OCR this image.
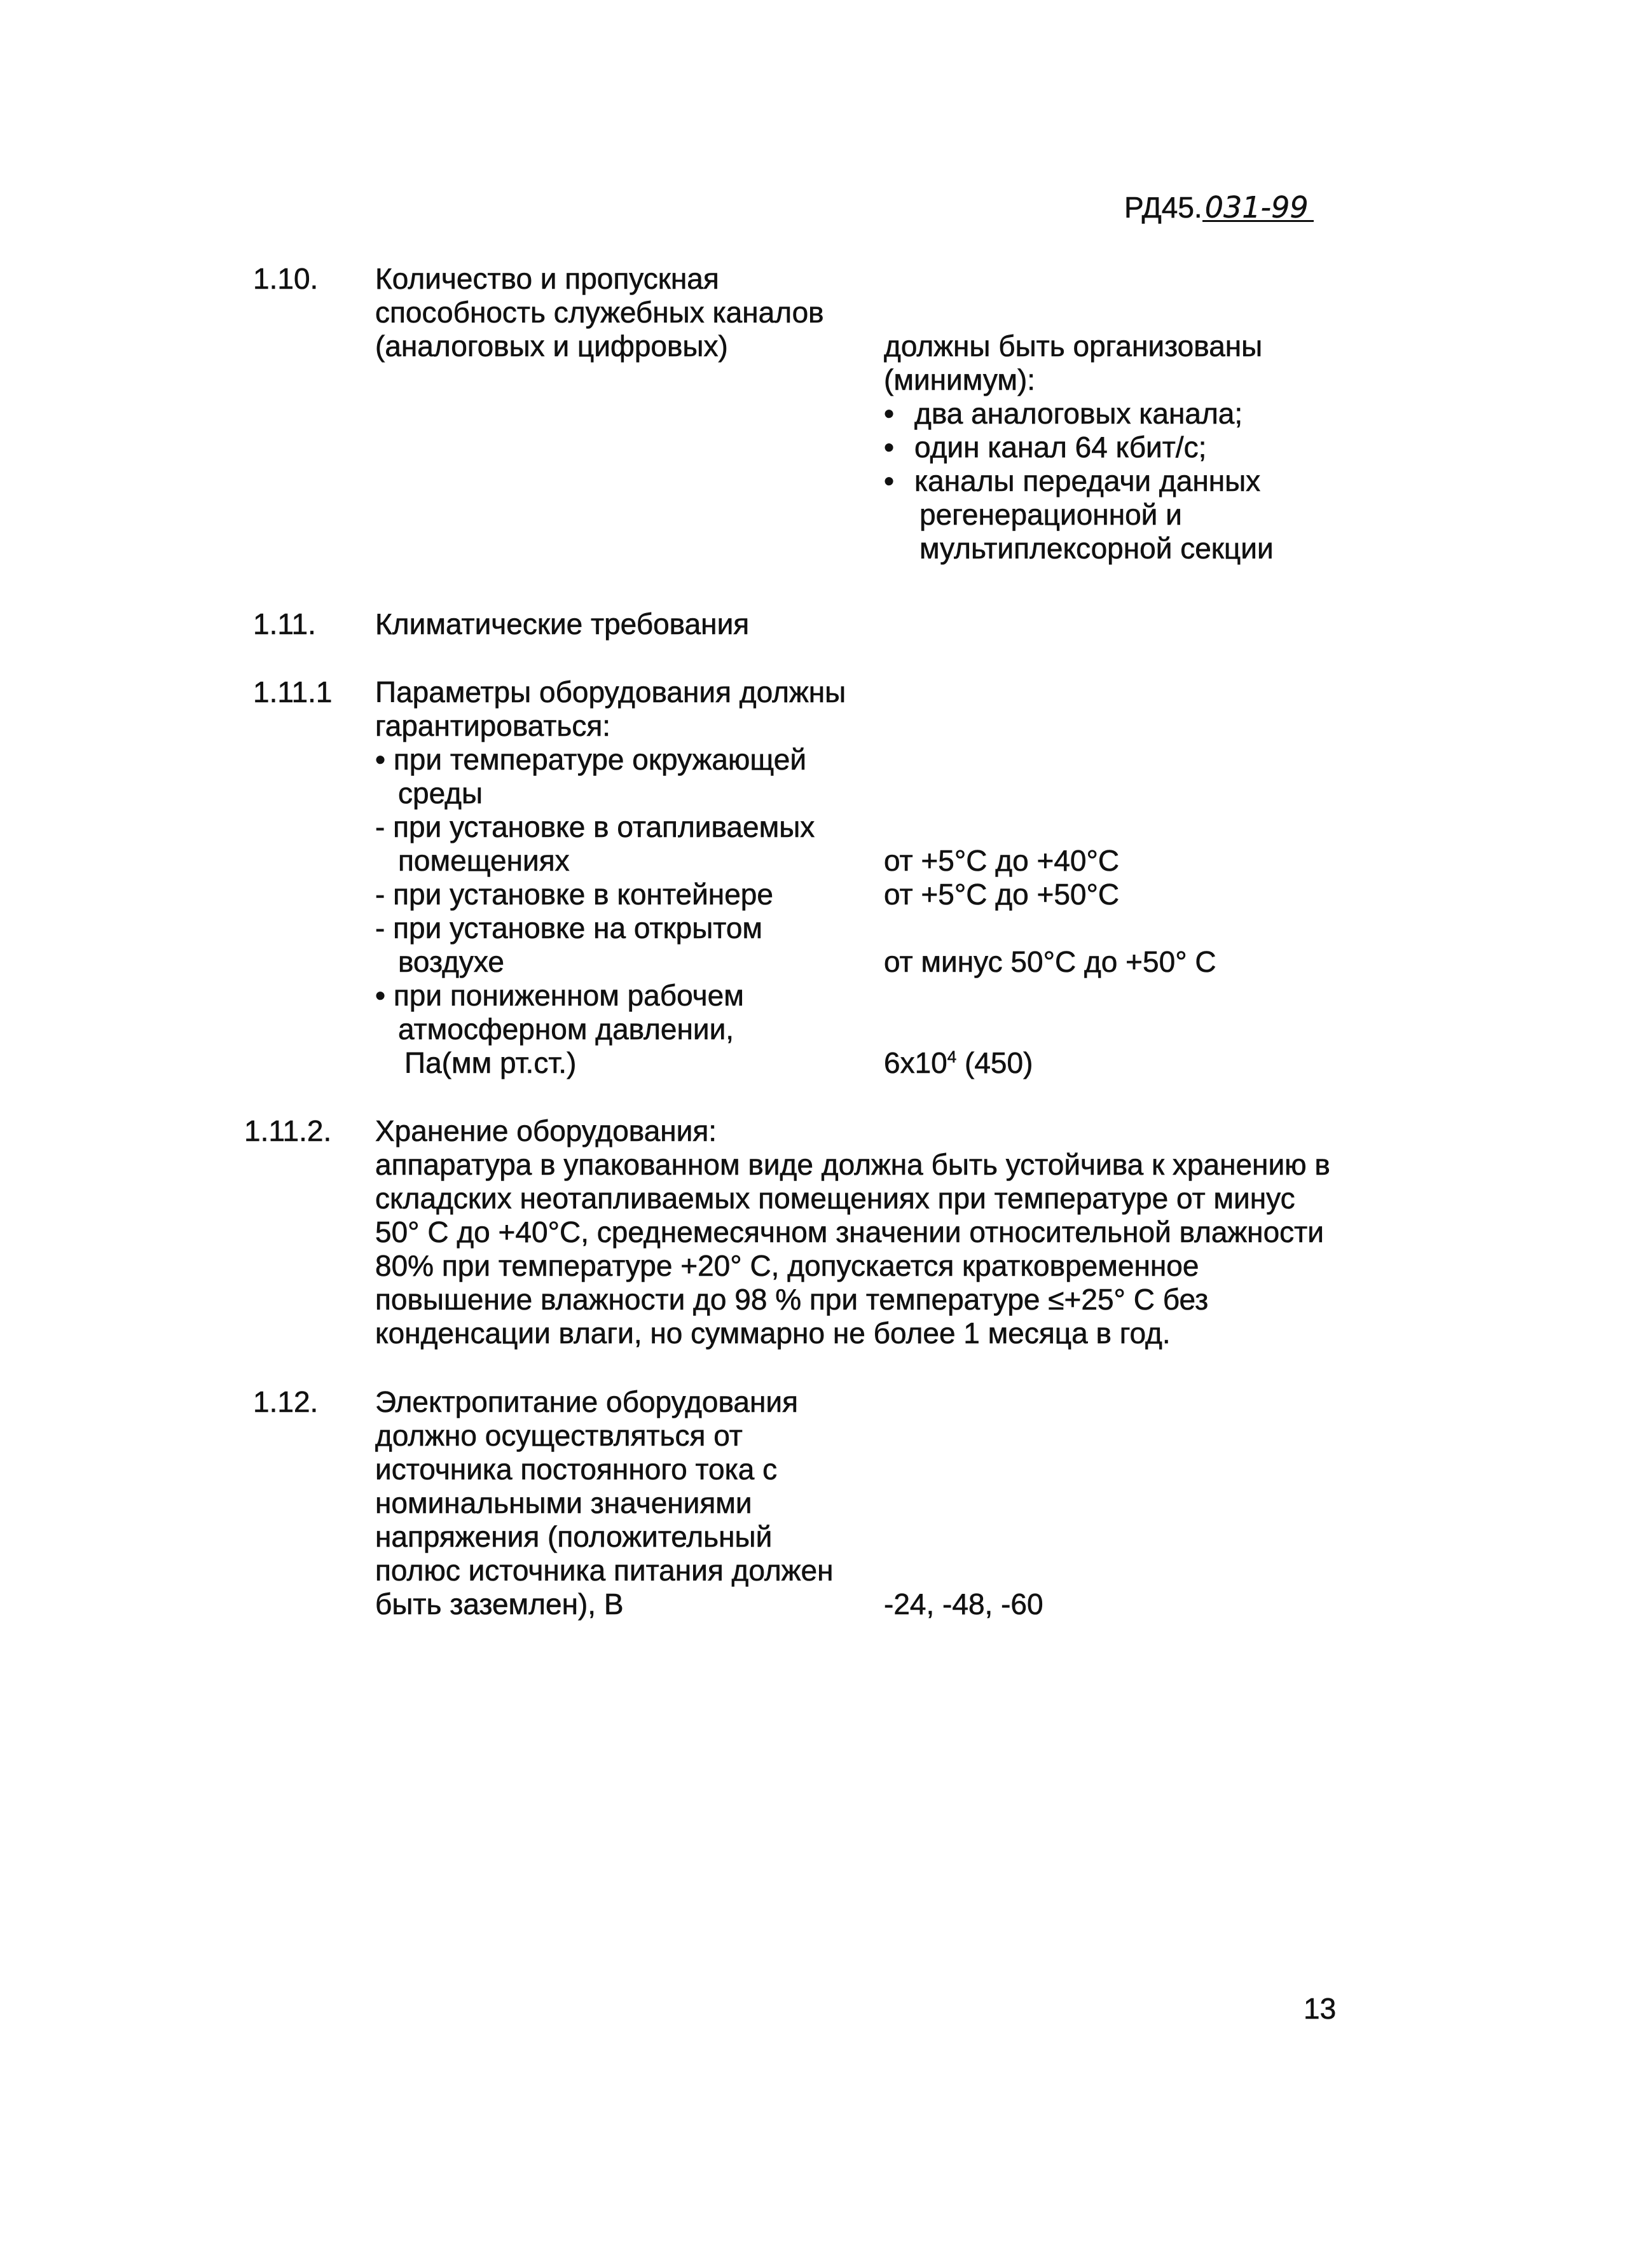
РД45.031-99
1.10. Количество и пропускная
способность служебных каналов
(аналоговых и цифровых)	должны быть организованы
(минимум):
• два аналоговых канала;
• один канал 64 кбит/с;
• каналы передачи данных
регенерационной и
мультиплексорной секции
1.11. Климатические требования
1.11.1 Параметры оборудования должны
гарантироваться:
• при температуре окружающей
среды
- при установке в отапливаемых
помещениях
- при установке в контейнере
- при установке на открытом
воздухе
• при пониженном рабочем
атмосферном давлении,
Па(мм рт.ст.)
от +5°С до +40°С
от +5°С до +50°С
от минус 50°С до +50° С
$6х10^4$ (450)
1.11.2. Хранение оборудования:
аппаратура в упакованном виде должна быть устойчива к хранению в
складских неотапливаемых помещениях при температуре от минус
50° С до +40°С, среднемесячном значении относительной влажности
80% при температуре +20° С, допускается кратковременное
повышение влажности до 98 % при температуре ≤+25° С без
конденсации влаги, но суммарно не более 1 месяца в год.
1.12. Электропитание оборудования
должно осуществляться от
источника постоянного тока с
номинальными значениями
напряжения (положительный
полюс источника питания должен
быть заземлен), В	-24, -48, -60
13
